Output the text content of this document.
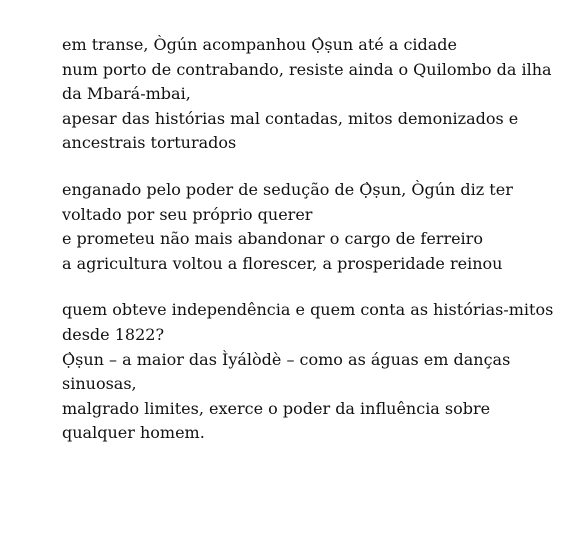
em transe, Ògún acompanhou Ọ̀ṣun até a cidade
num porto de contrabando, resiste ainda o Quilombo da ilha da Mbará-mbai,
apesar das histórias mal contadas, mitos demonizados e ancestrais torturados
enganado pelo poder de sedução de Ọ̀ṣun, Ògún diz ter voltado por seu próprio querer
e prometeu não mais abandonar o cargo de ferreiro
a agricultura voltou a florescer, a prosperidade reinou
quem obteve independência e quem conta as histórias-mitos desde 1822?
Ọ̀ṣun – a maior das Ìyálòdè – como as águas em danças sinuosas,
malgrado limites, exerce o poder da influência sobre qualquer homem.
